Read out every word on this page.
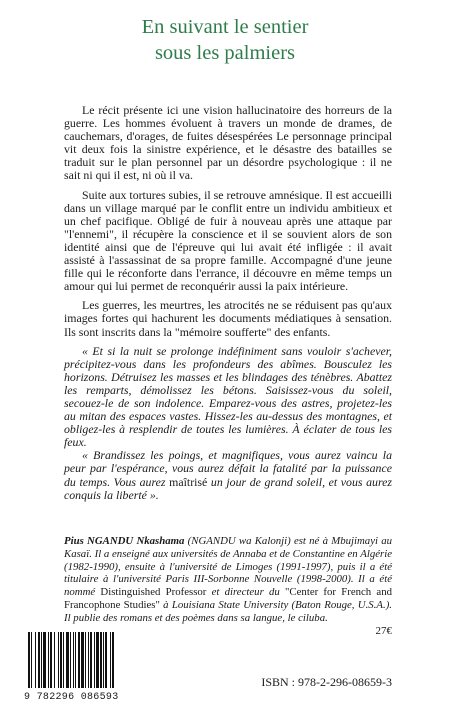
En suivant le sentier
sous les palmiers

Le récit présente ici une vision hallucinatoire des horreurs de la guerre. Les hommes évoluent à travers un monde de drames, de cauchemars, d'orages, de fuites désespérées Le personnage principal vit deux fois la sinistre expérience, et le désastre des batailles se traduit sur le plan personnel par un désordre psychologique : il ne sait ni qui il est, ni où il va.

Suite aux tortures subies, il se retrouve amnésique. Il est accueilli dans un village marqué par le conflit entre un individu ambitieux et un chef pacifique. Obligé de fuir à nouveau après une attaque par "l'ennemi", il récupère la conscience et il se souvient alors de son identité ainsi que de l'épreuve qui lui avait été infligée : il avait assisté à l'assassinat de sa propre famille. Accompagné d'une jeune fille qui le réconforte dans l'errance, il découvre en même temps un amour qui lui permet de reconquérir aussi la paix intérieure.

Les guerres, les meurtres, les atrocités ne se réduisent pas qu'aux images fortes qui hachurent les documents médiatiques à sensation. Ils sont inscrits dans la "mémoire soufferte" des enfants.

« Et si la nuit se prolonge indéfiniment sans vouloir s'achever, précipitez-vous dans les profondeurs des abîmes. Bousculez les horizons. Détruisez les masses et les blindages des ténèbres. Abattez les remparts, démolissez les bétons. Saisissez-vous du soleil, secouez-le de son indolence. Emparez-vous des astres, projetez-les au mitan des espaces vastes. Hissez-les au-dessus des montagnes, et obligez-les à resplendir de toutes les lumières. À éclater de tous les feux.

« Brandissez les poings, et magnifiques, vous aurez vaincu la peur par l'espérance, vous aurez défait la fatalité par la puissance du temps. Vous aurez maîtrisé un jour de grand soleil, et vous aurez conquis la liberté ».

Pius NGANDU Nkashama (NGANDU wa Kalonji) est né à Mbujimayi au Kasaï. Il a enseigné aux universités de Annaba et de Constantine en Algérie (1982-1990), ensuite à l'université de Limoges (1991-1997), puis il a été titulaire à l'université Paris III-Sorbonne Nouvelle (1998-2000). Il a été nommé Distinguished Professor et directeur du "Center for French and Francophone Studies" à Louisiana State University (Baton Rouge, U.S.A.). Il publie des romans et des poèmes dans sa langue, le ciluba.

27€
9 782296 086593
ISBN : 978-2-296-08659-3
